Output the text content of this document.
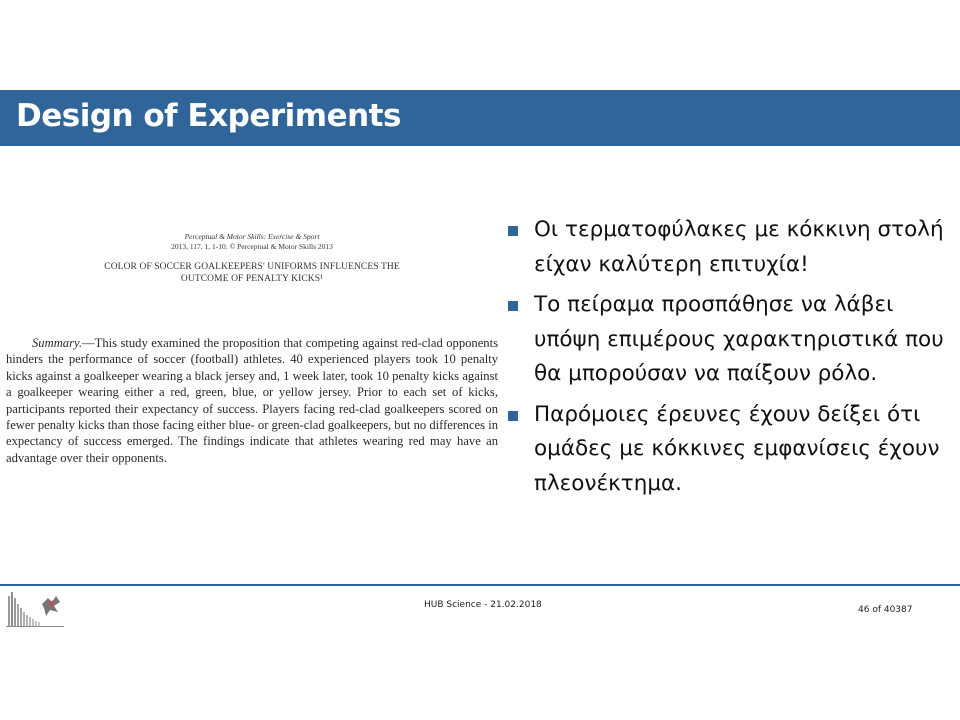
Design of Experiments
Perceptual & Motor Skills: Exercise & Sport
2013, 117, 1, 1-10. © Perceptual & Motor Skills 2013
COLOR OF SOCCER GOALKEEPERS' UNIFORMS INFLUENCES THE
OUTCOME OF PENALTY KICKS¹
Summary.—This study examined the proposition that competing against red-clad opponents hinders the performance of soccer (football) athletes. 40 experienced players took 10 penalty kicks against a goalkeeper wearing a black jersey and, 1 week later, took 10 penalty kicks against a goalkeeper wearing either a red, green, blue, or yellow jersey. Prior to each set of kicks, participants reported their expectancy of success. Players facing red-clad goalkeepers scored on fewer penalty kicks than those facing either blue- or green-clad goalkeepers, but no differences in expectancy of success emerged. The findings indicate that athletes wearing red may have an advantage over their opponents.
Οι τερματοφύλακες με κόκκινη στολή είχαν καλύτερη επιτυχία!
Το πείραμα προσπάθησε να λάβει υπόψη επιμέρους χαρακτηριστικά που θα μπορούσαν να παίξουν ρόλο.
Παρόμοιες έρευνες έχουν δείξει ότι ομάδες με κόκκινες εμφανίσεις έχουν πλεονέκτημα.
HUB Science - 21.02.2018	46 of 40387
